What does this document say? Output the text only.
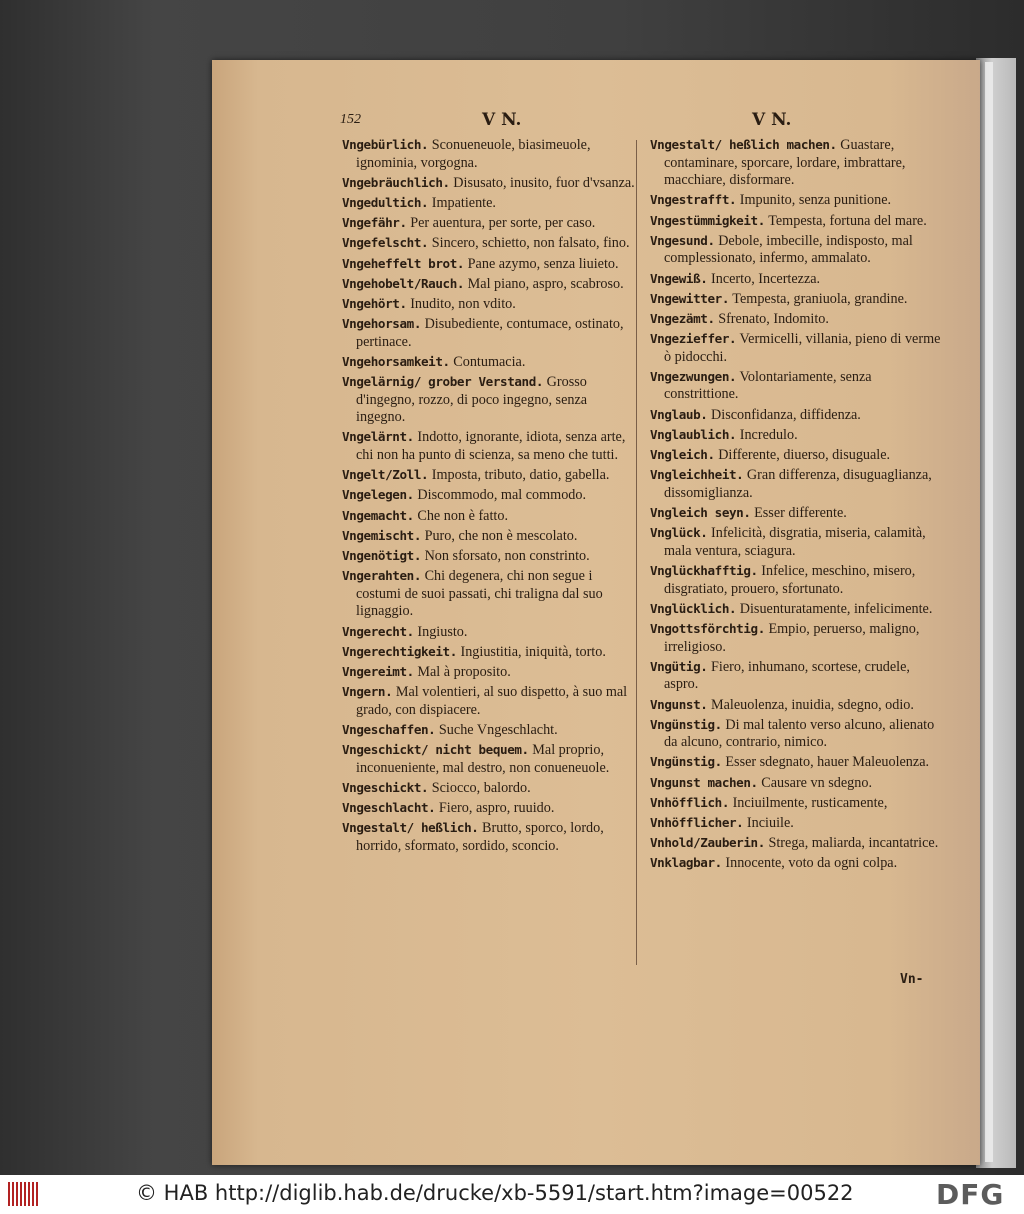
152	V N.	V N.
Vngebürlich. Sconueneuole, biasimeuole, ignominia, vorgogna.
Vngebräuchlich. Disusato, inusito, fuor d'vsanza.
Vngedultich. Impatiente.
Vngefähr. Per auentura, per sorte, per caso.
Vngefelscht. Sincero, schietto, non falsato, fino.
Vngeheffelt brot. Pane azymo, senza liuieto.
Vngehobelt/Rauch. Mal piano, aspro, scabroso.
Vngehört. Inudito, non vdito.
Vngehorsam. Disubediente, contumace, ostinato, pertinace.
Vngehorsamkeit. Contumacia.
Vngelärnig/ grober Verstand. Grosso d'ingegno, rozzo, di poco ingegno, senza ingegno.
Vngelärnt. Indotto, ignorante, idiota, senza arte, chi non ha punto di scienza, sa meno che tutti.
Vngelt/Zoll. Imposta, tributo, datio, gabella.
Vngelegen. Discommodo, mal commodo.
Vngemacht. Che non è fatto.
Vngemischt. Puro, che non è mescolato.
Vngenötigt. Non sforsato, non constrinto.
Vngerahten. Chi degenera, chi non segue i costumi de suoi passati, chi traligna dal suo lignaggio.
Vngerecht. Ingiusto.
Vngerechtigkeit. Ingiustitia, iniquità, torto.
Vngereimt. Mal à proposito.
Vngern. Mal volentieri, al suo dispetto, à suo mal grado, con dispiacere.
Vngeschaffen. Suche Vngeschlacht.
Vngeschickt/ nicht bequem. Mal proprio, inconueniente, mal destro, non conueneuole.
Vngeschickt. Sciocco, balordo.
Vngeschlacht. Fiero, aspro, ruuido.
Vngestalt/ heßlich. Brutto, sporco, lordo, horrido, sformato, sordido, sconcio.
Vngestalt/ heßlich machen. Guastare, contaminare, sporcare, lordare, imbrattare, macchiare, disformare.
Vngestrafft. Impunito, senza punitione.
Vngestümmigkeit. Tempesta, fortuna del mare.
Vngesund. Debole, imbecille, indisposto, mal complessionato, infermo, ammalato.
Vngewiß. Incerto, Incertezza.
Vngewitter. Tempesta, graniuola, grandine.
Vngezämt. Sfrenato, Indomito.
Vngezieffer. Vermicelli, villania, pieno di verme ò pidocchi.
Vngezwungen. Volontariamente, senza constrittione.
Vnglaub. Disconfidanza, diffidenza.
Vnglaublich. Incredulo.
Vngleich. Differente, diuerso, disuguale.
Vngleichheit. Gran differenza, disuguaglianza, dissomiglianza.
Vngleich seyn. Esser differente.
Vnglück. Infelicità, disgratia, miseria, calamità, mala ventura, sciagura.
Vnglückhafftig. Infelice, meschino, misero, disgratiato, prouero, sfortunato.
Vnglücklich. Disuenturatamente, infelicimente.
Vngottsförchtig. Empio, peruerso, maligno, irreligioso.
Vngütig. Fiero, inhumano, scortese, crudele, aspro.
Vngunst. Maleuolenza, inuidia, sdegno, odio.
Vngünstig. Di mal talento verso alcuno, alienato da alcuno, contrario, nimico.
Vngünstig. Esser sdegnato, hauer Maleuolenza.
Vngunst machen. Causare vn sdegno.
Vnhöfflich. Inciuilmente, rusticamente,
Vnhöfflicher. Inciuile.
Vnhold/Zauberin. Strega, maliarda, incantatrice.
Vnklagbar. Innocente, voto da ogni colpa.
Vn-
© HAB http://diglib.hab.de/drucke/xb-5591/start.htm?image=00522	DFG
